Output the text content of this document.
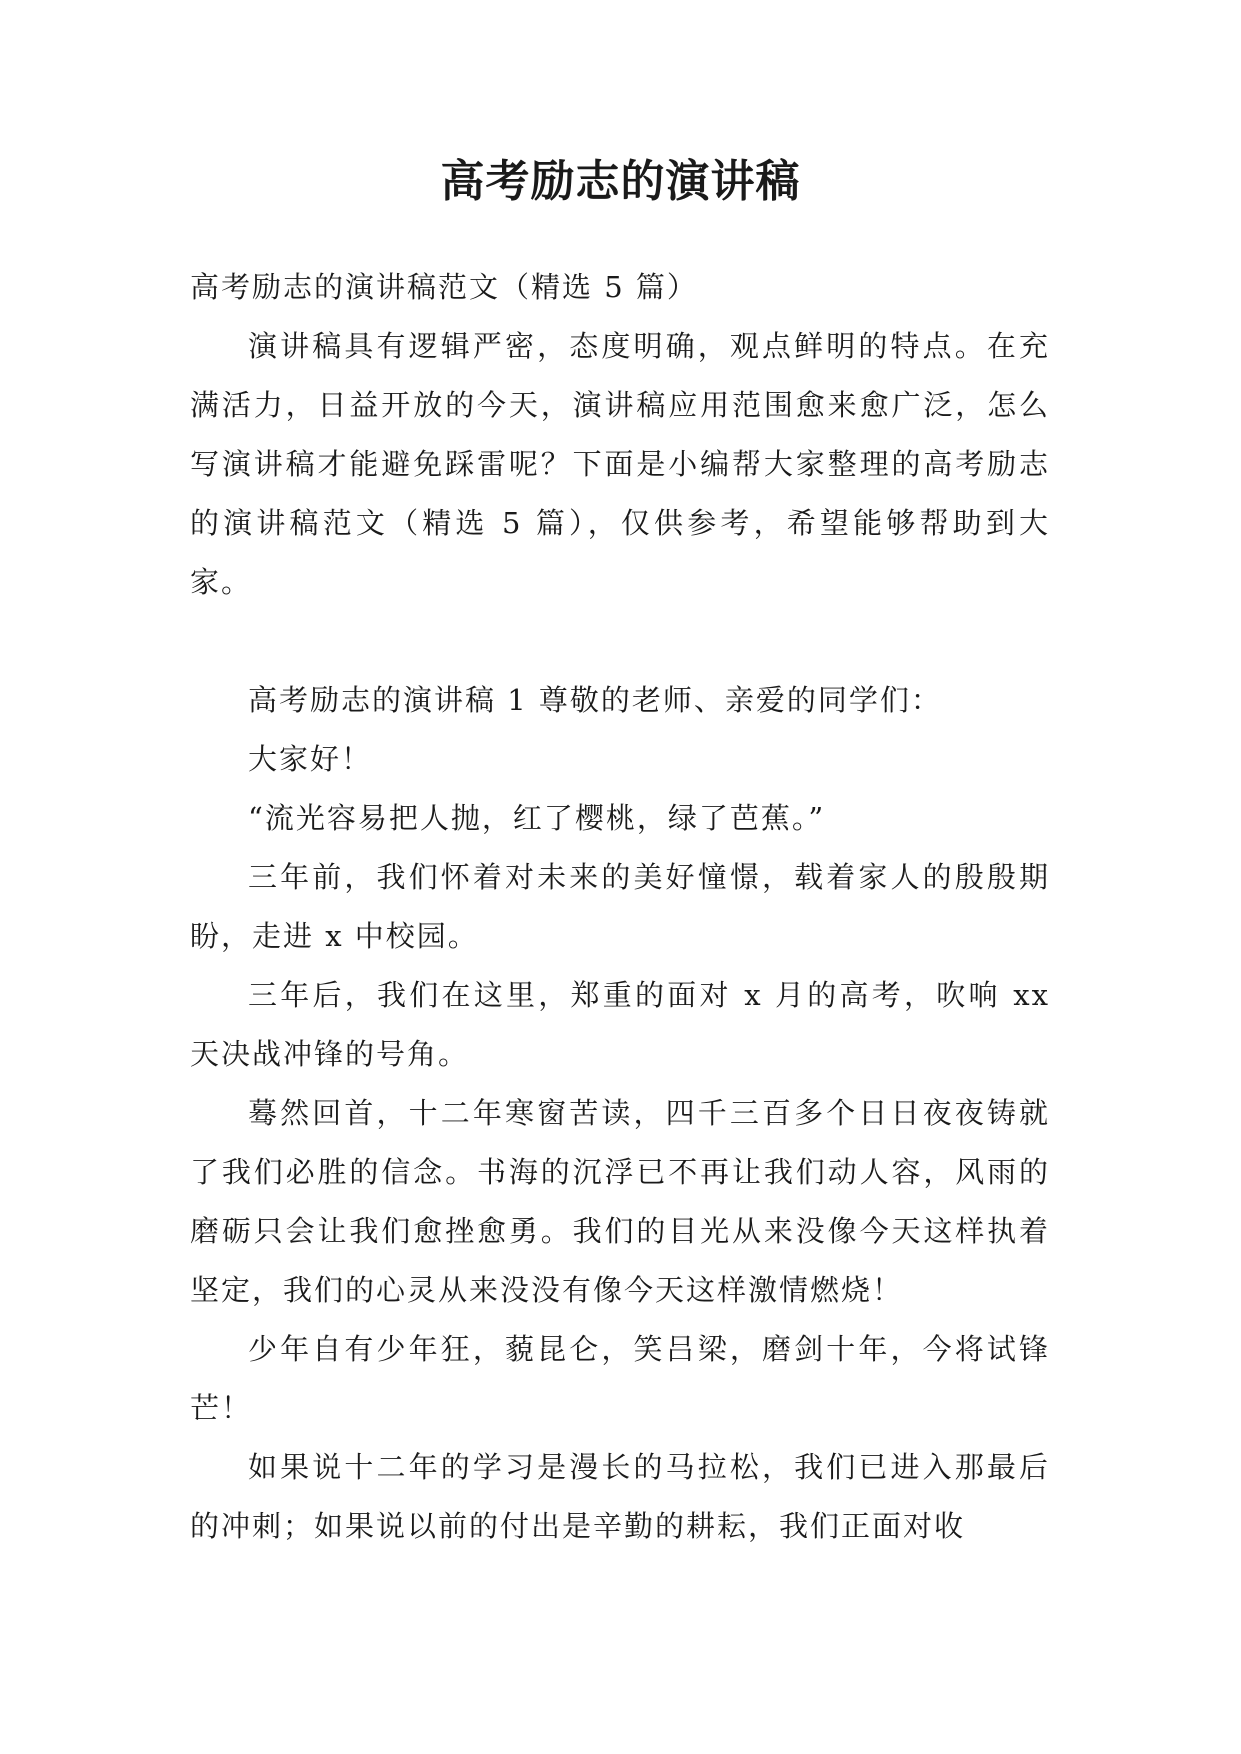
高考励志的演讲稿

高考励志的演讲稿范文（精选 5 篇）

演讲稿具有逻辑严密，态度明确，观点鲜明的特点。在充满活力，日益开放的今天，演讲稿应用范围愈来愈广泛，怎么写演讲稿才能避免踩雷呢？下面是小编帮大家整理的高考励志的演讲稿范文（精选 5 篇），仅供参考，希望能够帮助到大家。

高考励志的演讲稿 1 尊敬的老师、亲爱的同学们：

大家好！

“流光容易把人抛，红了樱桃，绿了芭蕉。”

三年前，我们怀着对未来的美好憧憬，载着家人的殷殷期盼，走进 x 中校园。

三年后，我们在这里，郑重的面对 x 月的高考，吹响 xx 天决战冲锋的号角。

蓦然回首，十二年寒窗苦读，四千三百多个日日夜夜铸就了我们必胜的信念。书海的沉浮已不再让我们动人容，风雨的磨砺只会让我们愈挫愈勇。我们的目光从来没像今天这样执着坚定，我们的心灵从来没没有像今天这样激情燃烧！

少年自有少年狂，藐昆仑，笑吕梁，磨剑十年，今将试锋芒！

如果说十二年的学习是漫长的马拉松，我们已进入那最后的冲刺；如果说以前的付出是辛勤的耕耘，我们正面对收
